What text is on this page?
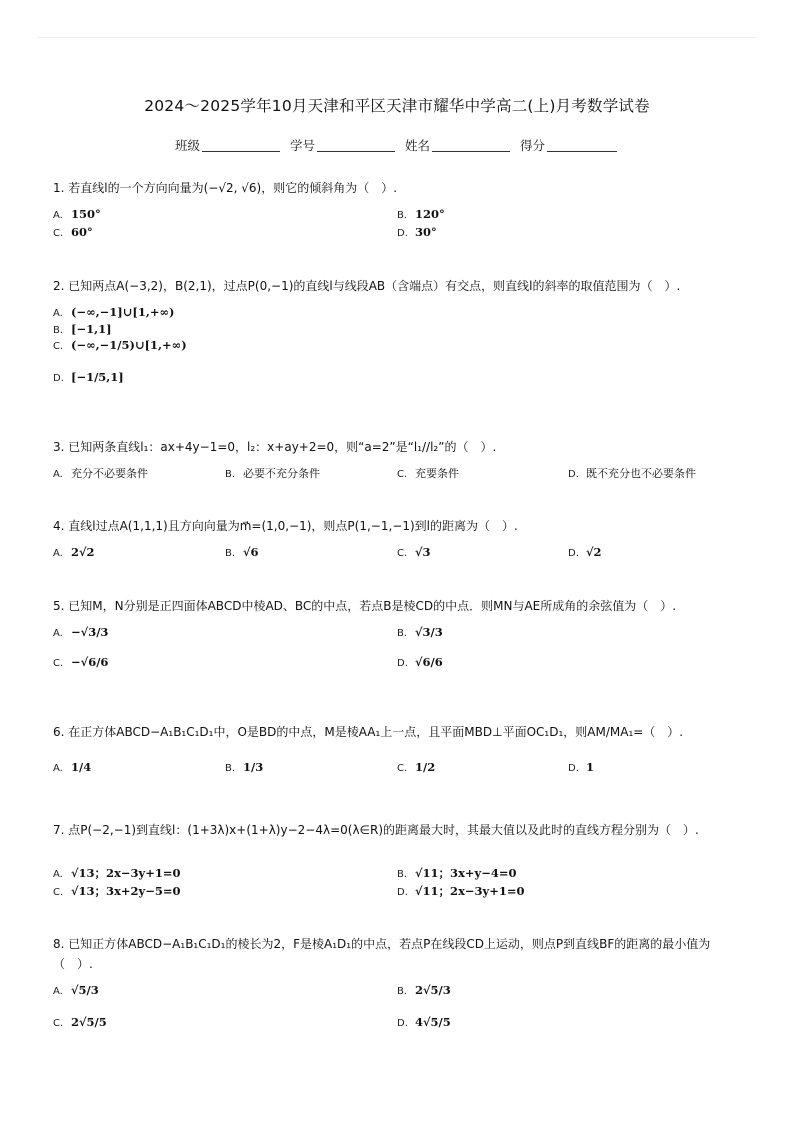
2024～2025学年10月天津和平区天津市耀华中学高二(上)月考数学试卷
班级	学号	姓名	得分
1. 若直线l的一个方向向量为(−√2, √6)，则它的倾斜角为（　）.
A. 150°	B. 120°
C. 60°	D. 30°
2. 已知两点A(−3,2)，B(2,1)，过点P(0,−1)的直线l与线段AB（含端点）有交点，则直线l的斜率的取值范围为（　）.
A. (−∞,−1]∪[1,+∞)
B. [−1,1]
C. (−∞,−1/5)∪[1,+∞)
D. [−1/5,1]
3. 已知两条直线l₁：ax+4y−1=0，l₂：x+ay+2=0，则“a=2”是“l₁//l₂”的（　）.
A. 充分不必要条件	B. 必要不充分条件	C. 充要条件	D. 既不充分也不必要条件
4. 直线l过点A(1,1,1)且方向向量为m⃗=(1,0,−1)，则点P(1,−1,−1)到l的距离为（　）.
A. 2√2	B. √6	C. √3	D. √2
5. 已知M，N分别是正四面体ABCD中棱AD、BC的中点，若点B是棱CD的中点．则MN与AE所成角的余弦值为（　）.
A. −√3/3	B. √3/3
C. −√6/6	D. √6/6
6. 在正方体ABCD−A₁B₁C₁D₁中，O是BD的中点，M是棱AA₁上一点，且平面MBD⊥平面OC₁D₁，则AM/MA₁=（　）.
A. 1/4	B. 1/3	C. 1/2	D. 1
7. 点P(−2,−1)到直线l：(1+3λ)x+(1+λ)y−2−4λ=0(λ∈R)的距离最大时，其最大值以及此时的直线方程分别为（　）.
A. √13；2x−3y+1=0	B. √11；3x+y−4=0
C. √13；3x+2y−5=0	D. √11；2x−3y+1=0
8. 已知正方体ABCD−A₁B₁C₁D₁的棱长为2，F是棱A₁D₁的中点，若点P在线段CD上运动，则点P到直线BF的距离的最小值为（　）.
A. √5/3	B. 2√5/3
C. 2√5/5	D. 4√5/5
